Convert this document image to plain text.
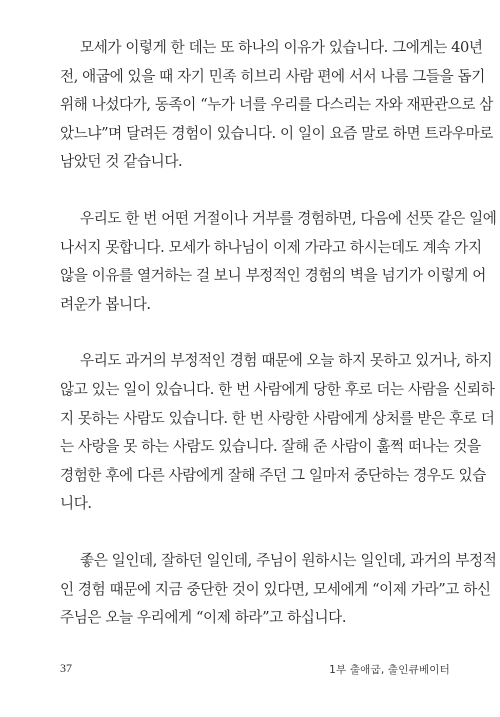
모세가 이렇게 한 데는 또 하나의 이유가 있습니다. 그에게는 40년
전, 애굽에 있을 때 자기 민족 히브리 사람 편에 서서 나름 그들을 돕기
위해 나섰다가, 동족이 “누가 너를 우리를 다스리는 자와 재판관으로 삼
았느냐”며 달려든 경험이 있습니다. 이 일이 요즘 말로 하면 트라우마로
남았던 것 같습니다.

우리도 한 번 어떤 거절이나 거부를 경험하면, 다음에 선뜻 같은 일에
나서지 못합니다. 모세가 하나님이 이제 가라고 하시는데도 계속 가지
않을 이유를 열거하는 걸 보니 부정적인 경험의 벽을 넘기가 이렇게 어
려운가 봅니다.

우리도 과거의 부정적인 경험 때문에 오늘 하지 못하고 있거나, 하지
않고 있는 일이 있습니다. 한 번 사람에게 당한 후로 더는 사람을 신뢰하
지 못하는 사람도 있습니다. 한 번 사랑한 사람에게 상처를 받은 후로 더
는 사랑을 못 하는 사람도 있습니다. 잘해 준 사람이 훌쩍 떠나는 것을
경험한 후에 다른 사람에게 잘해 주던 그 일마저 중단하는 경우도 있습
니다.

좋은 일인데, 잘하던 일인데, 주님이 원하시는 일인데, 과거의 부정적
인 경험 때문에 지금 중단한 것이 있다면, 모세에게 “이제 가라”고 하신
주님은 오늘 우리에게 “이제 하라”고 하십니다.

37	1부 출애굽, 출인큐베이터
